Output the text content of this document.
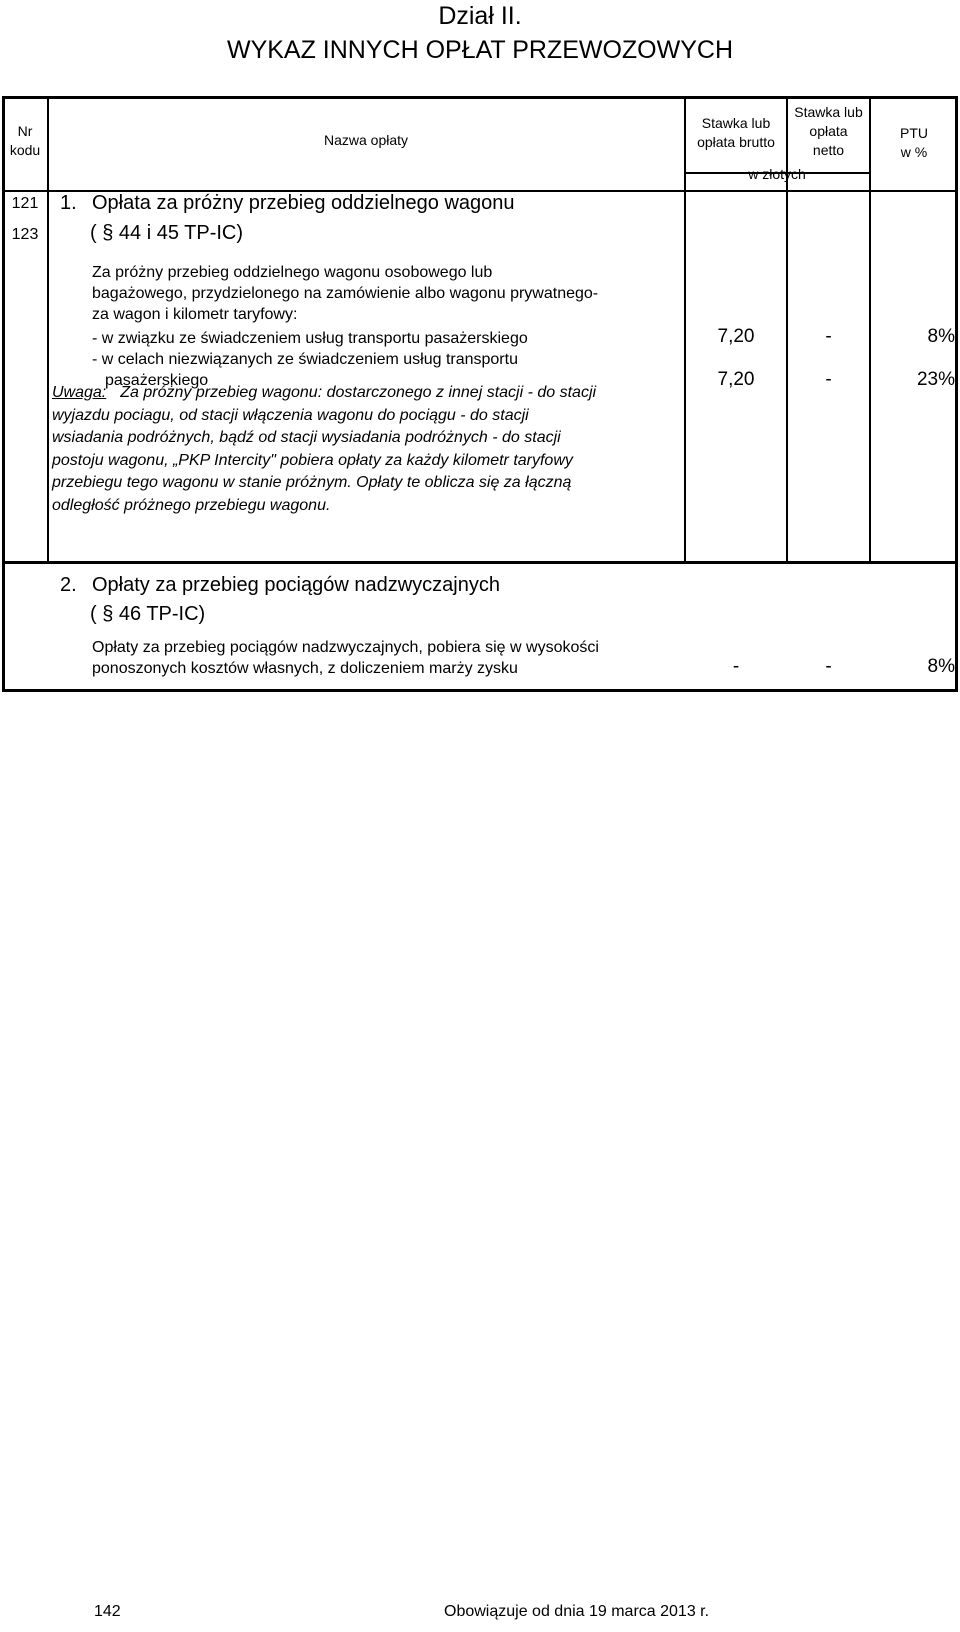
Dział II.
WYKAZ INNYCH OPŁAT PRZEWOZOWYCH
Nr
kodu
Nazwa opłaty
Stawka lub
opłata brutto
Stawka lub
opłata
netto
PTU
w %
w złotych
121
123
1. Opłata za próżny przebieg oddzielnego wagonu
( § 44 i 45 TP-IC)
Za próżny przebieg oddzielnego wagonu osobowego lub
bagażowego, przydzielonego na zamówienie albo wagonu prywatnego-
za wagon i kilometr taryfowy:
- w związku ze świadczeniem usług transportu pasażerskiego	7,20	-	8%
- w celach niezwiązanych ze świadczeniem usług transportu
pasażerskiego	7,20	-	23%
Uwaga: Za próżny przebieg wagonu: dostarczonego z innej stacji - do stacji
wyjazdu pociagu, od stacji włączenia wagonu do pociągu - do stacji
wsiadania podróżnych, bądź od stacji wysiadania podróżnych - do stacji
postoju wagonu, „PKP Intercity" pobiera opłaty za każdy kilometr taryfowy
przebiegu tego wagonu w stanie próżnym. Opłaty te oblicza się za łączną
odległość próżnego przebiegu wagonu.
2. Opłaty za przebieg pociągów nadzwyczajnych
( § 46 TP-IC)
Opłaty za przebieg pociągów nadzwyczajnych, pobiera się w wysokości
ponoszonych kosztów własnych, z doliczeniem marży zysku	-	-	8%
142	Obowiązuje od dnia 19 marca 2013 r.
